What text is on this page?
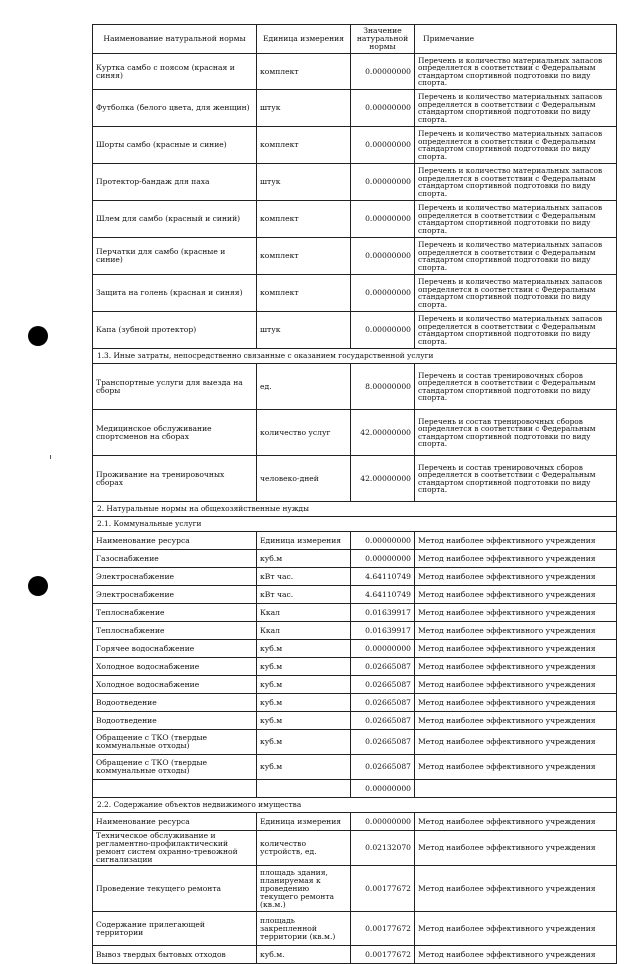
Наименование натуральной нормы	Единица измерения	Значение натуральной нормы	Примечание
Куртка самбо с поясом (красная и синяя)	комплект	0.00000000	Перечень и количество материальных запасов определяется в соответствии с Федеральным стандартом спортивной подготовки по виду спорта.
Футболка (белого цвета, для женщин)	штук	0.00000000	Перечень и количество материальных запасов определяется в соответствии с Федеральным стандартом спортивной подготовки по виду спорта.
Шорты самбо (красные и синие)	комплект	0.00000000	Перечень и количество материальных запасов определяется в соответствии с Федеральным стандартом спортивной подготовки по виду спорта.
Протектор-бандаж для паха	штук	0.00000000	Перечень и количество материальных запасов определяется в соответствии с Федеральным стандартом спортивной подготовки по виду спорта.
Шлем для самбо (красный и синий)	комплект	0.00000000	Перечень и количество материальных запасов определяется в соответствии с Федеральным стандартом спортивной подготовки по виду спорта.
Перчатки для самбо (красные и синие)	комплект	0.00000000	Перечень и количество материальных запасов определяется в соответствии с Федеральным стандартом спортивной подготовки по виду спорта.
Защита на голень (красная и синяя)	комплект	0.00000000	Перечень и количество материальных запасов определяется в соответствии с Федеральным стандартом спортивной подготовки по виду спорта.
Капа (зубной протектор)	штук	0.00000000	Перечень и количество материальных запасов определяется в соответствии с Федеральным стандартом спортивной подготовки по виду спорта.
1.3. Иные затраты, непосредственно связанные с оказанием государственной услуги			
Транспортные услуги для выезда на сборы	ед.	8.00000000	Перечень и состав тренировочных сборов определяется в соответствии с Федеральным стандартом спортивной подготовки по виду спорта.
Медицинское обслуживание спортсменов на сборах	количество услуг	42.00000000	Перечень и состав тренировочных сборов определяется в соответствии с Федеральным стандартом спортивной подготовки по виду спорта.
Проживание на тренировочных сборах	человеко-дней	42.00000000	Перечень и состав тренировочных сборов определяется в соответствии с Федеральным стандартом спортивной подготовки по виду спорта.
2. Натуральные нормы на общехозяйственные нужды			
2.1. Коммунальные услуги			
Наименование ресурса	Единица измерения	0.00000000	Метод наиболее эффективного учреждения
Газоснабжение	куб.м	0.00000000	Метод наиболее эффективного учреждения
Электроснабжение	кВт час.	4.64110749	Метод наиболее эффективного учреждения
Электроснабжение	кВт час.	4.64110749	Метод наиболее эффективного учреждения
Теплоснабжение	Ккал	0.01639917	Метод наиболее эффективного учреждения
Теплоснабжение	Ккал	0.01639917	Метод наиболее эффективного учреждения
Горячее водоснабжение	куб.м	0.00000000	Метод наиболее эффективного учреждения
Холодное водоснабжение	куб.м	0.02665087	Метод наиболее эффективного учреждения
Холодное водоснабжение	куб.м	0.02665087	Метод наиболее эффективного учреждения
Водоотведение	куб.м	0.02665087	Метод наиболее эффективного учреждения
Водоотведение	куб.м	0.02665087	Метод наиболее эффективного учреждения
Обращение с ТКО (твердые коммунальные отходы)	куб.м	0.02665087	Метод наиболее эффективного учреждения
Обращение с ТКО (твердые коммунальные отходы)	куб.м	0.02665087	Метод наиболее эффективного учреждения
		0.00000000	
2.2. Содержание объектов недвижимого имущества			
Наименование ресурса	Единица измерения	0.00000000	Метод наиболее эффективного учреждения
Техническое обслуживание и регламентно-профилактический ремонт систем охранно-тревожной сигнализации	количество устройств, ед.	0.02132070	Метод наиболее эффективного учреждения
Проведение текущего ремонта	площадь здания, планируемая к проведению текущего ремонта (кв.м.)	0.00177672	Метод наиболее эффективного учреждения
Содержание прилегающей территории	площадь закрепленной территории (кв.м.)	0.00177672	Метод наиболее эффективного учреждения
Вывоз твердых бытовых отходов	куб.м.	0.00177672	Метод наиболее эффективного учреждения
